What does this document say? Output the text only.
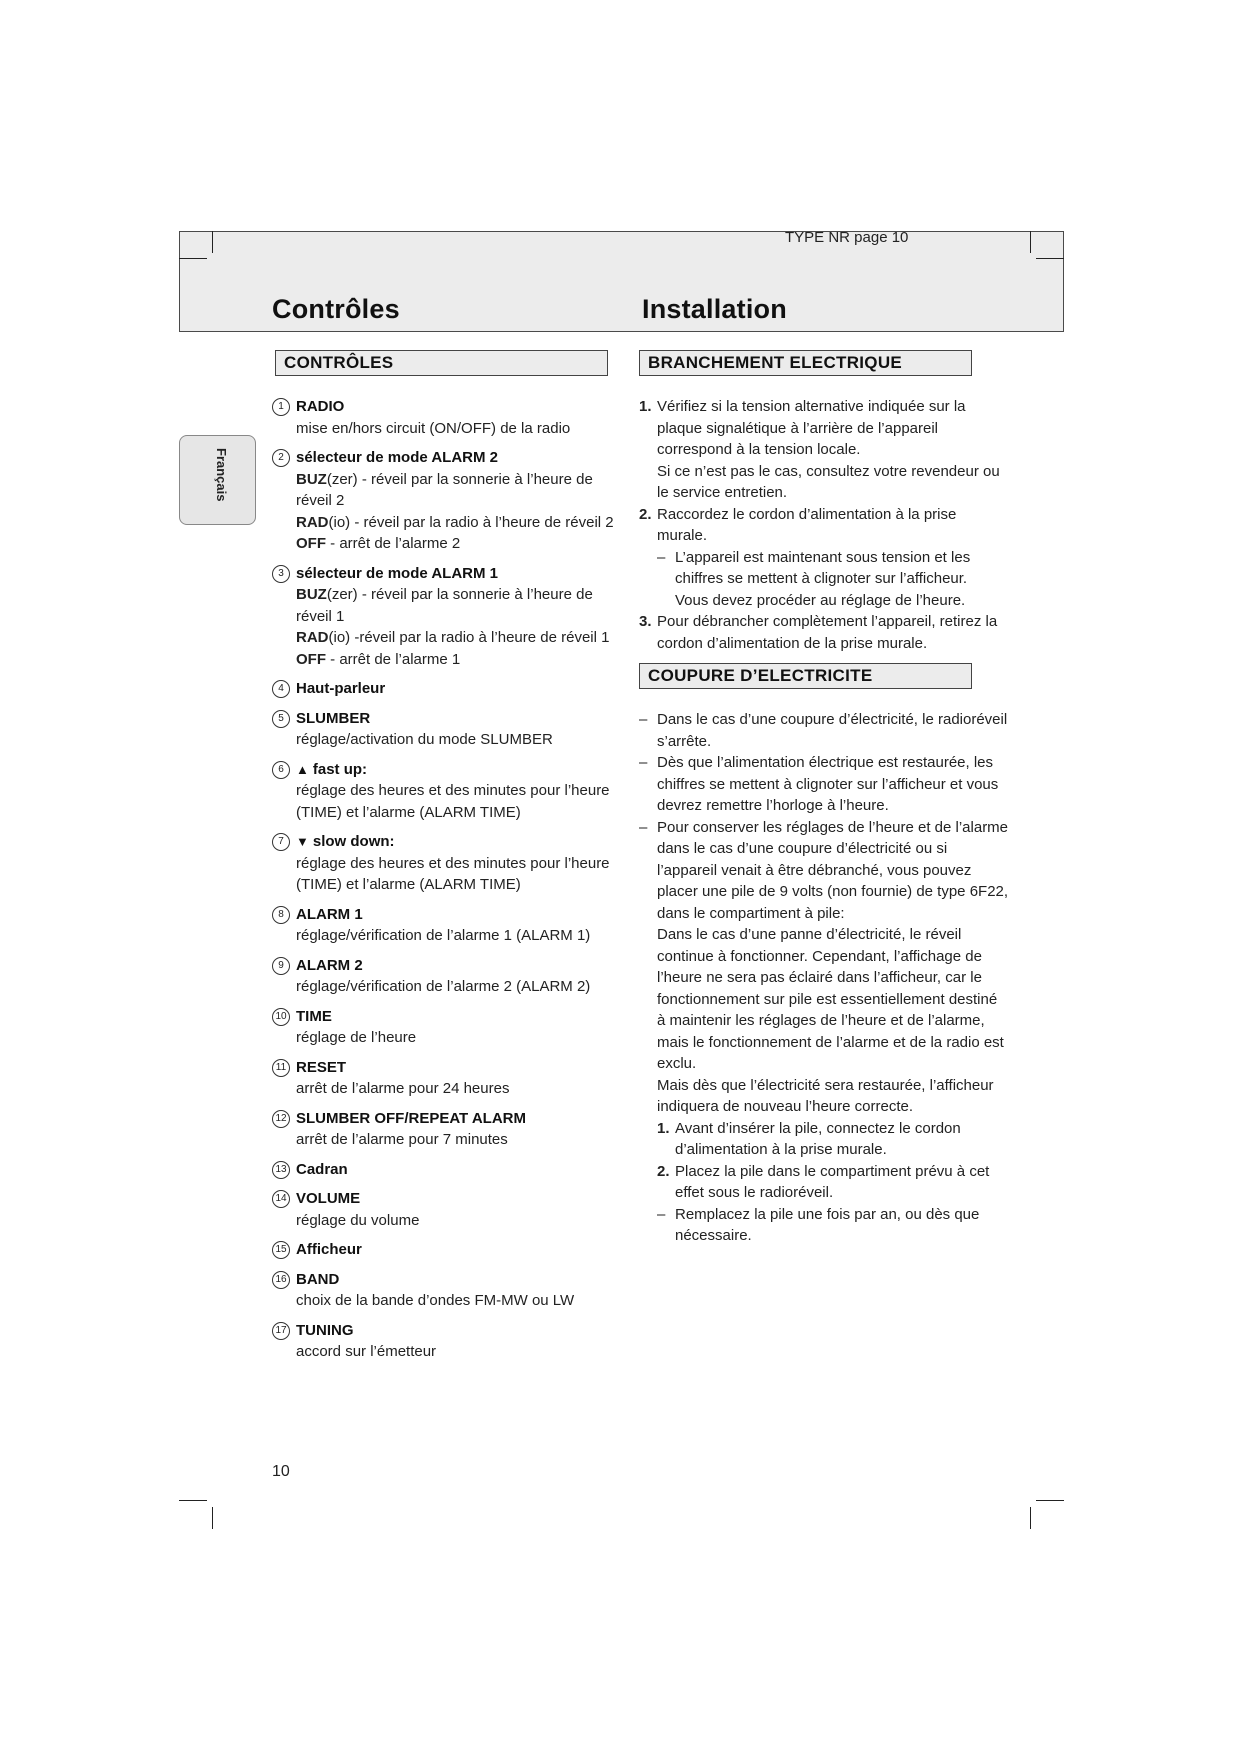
TYPE NR page 10
Contrôles	Installation
Français
CONTRÔLES
1 RADIO
mise en/hors circuit (ON/OFF) de la radio
2 sélecteur de mode ALARM 2
BUZ(zer) - réveil par la sonnerie à l’heure de réveil 2
RAD(io) - réveil par la radio à l’heure de réveil 2
OFF - arrêt de l’alarme 2
3 sélecteur de mode ALARM 1
BUZ(zer) - réveil par la sonnerie à l’heure de réveil 1
RAD(io) -réveil par la radio à l’heure de réveil 1
OFF - arrêt de l’alarme 1
4 Haut-parleur
5 SLUMBER
réglage/activation du mode SLUMBER
6 ▲ fast up:
réglage des heures et des minutes pour l’heure
(TIME) et l’alarme (ALARM TIME)
7 ▼ slow down:
réglage des heures et des minutes pour l’heure
(TIME) et l’alarme (ALARM TIME)
8 ALARM 1
réglage/vérification de l’alarme 1 (ALARM 1)
9 ALARM 2
réglage/vérification de l’alarme 2 (ALARM 2)
10 TIME
réglage de l’heure
11 RESET
arrêt de l’alarme pour 24 heures
12 SLUMBER OFF/REPEAT ALARM
arrêt de l’alarme pour 7 minutes
13 Cadran
14 VOLUME
réglage du volume
15 Afficheur
16 BAND
choix de la bande d’ondes FM-MW ou LW
17 TUNING
accord sur l’émetteur
BRANCHEMENT ELECTRIQUE
1. Vérifiez si la tension alternative indiquée sur la
plaque signalétique à l’arrière de l’appareil
correspond à la tension locale.
Si ce n’est pas le cas, consultez votre revendeur ou
le service entretien.
2. Raccordez le cordon d’alimentation à la prise murale.
– L’appareil est maintenant sous tension et les
chiffres se mettent à clignoter sur l’afficheur.
Vous devez procéder au réglage de l’heure.
3. Pour débrancher complètement l’appareil, retirez la
cordon d’alimentation de la prise murale.
COUPURE D’ELECTRICITE
– Dans le cas d’une coupure d’électricité, le radioréveil
s’arrête.
– Dès que l’alimentation électrique est restaurée, les
chiffres se mettent à clignoter sur l’afficheur et vous
devrez remettre l’horloge à l’heure.
– Pour conserver les réglages de l’heure et de l’alarme
dans le cas d’une coupure d’électricité ou si
l’appareil venait à être débranché, vous pouvez
placer une pile de 9 volts (non fournie) de type 6F22,
dans le compartiment à pile:
Dans le cas d’une panne d’électricité, le réveil
continue à fonctionner. Cependant, l’affichage de
l’heure ne sera pas éclairé dans l’afficheur, car le
fonctionnement sur pile est essentiellement destiné
à maintenir les réglages de l’heure et de l’alarme,
mais le fonctionnement de l’alarme et de la radio est
exclu.
Mais dès que l’électricité sera restaurée, l’afficheur
indiquera de nouveau l’heure correcte.
1. Avant d’insérer la pile, connectez le cordon
d’alimentation à la prise murale.
2. Placez la pile dans le compartiment prévu à cet
effet sous le radioréveil.
– Remplacez la pile une fois par an, ou dès que
nécessaire.
10
